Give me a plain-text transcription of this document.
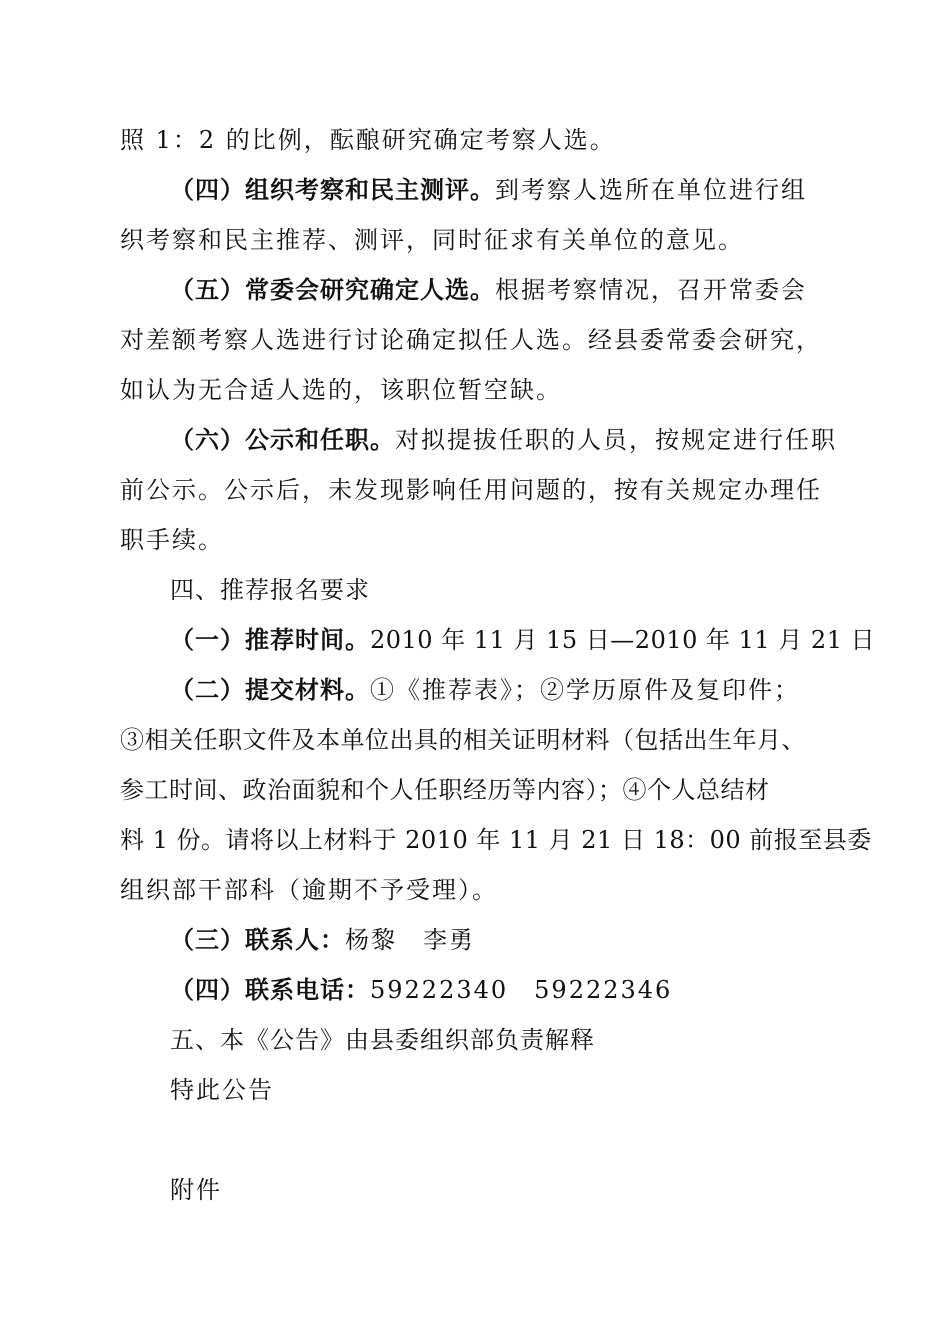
照 1：2 的比例，酝酿研究确定考察人选。
（四）组织考察和民主测评。到考察人选所在单位进行组
织考察和民主推荐、测评，同时征求有关单位的意见。
（五）常委会研究确定人选。根据考察情况，召开常委会
对差额考察人选进行讨论确定拟任人选。经县委常委会研究，
如认为无合适人选的，该职位暂空缺。
（六）公示和任职。对拟提拔任职的人员，按规定进行任职
前公示。公示后，未发现影响任用问题的，按有关规定办理任
职手续。
四、推荐报名要求
（一）推荐时间。2010 年 11 月 15 日—2010 年 11 月 21 日
（二）提交材料。①《推荐表》；②学历原件及复印件；
③相关任职文件及本单位出具的相关证明材料（包括出生年月、
参工时间、政治面貌和个人任职经历等内容）；④个人总结材
料 1 份。请将以上材料于 2010 年 11 月 21 日 18：00 前报至县委
组织部干部科（逾期不予受理）。
（三）联系人：杨黎　李勇
（四）联系电话：59222340　59222346
五、本《公告》由县委组织部负责解释
特此公告
附件
